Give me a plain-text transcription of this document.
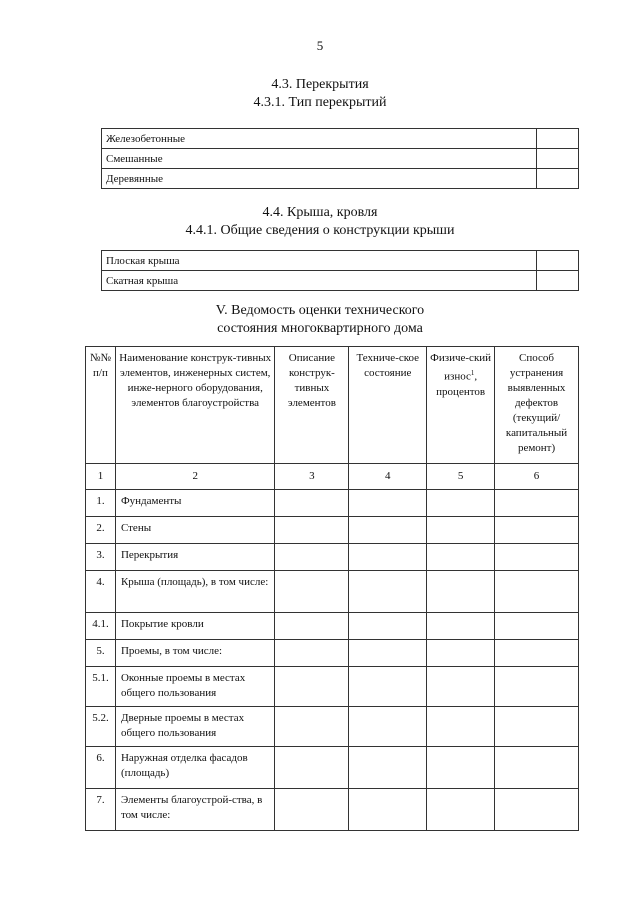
5
4.3. Перекрытия
4.3.1. Тип перекрытий
Железобетонные	
Смешанные	
Деревянные	
4.4. Крыша, кровля
4.4.1. Общие сведения о конструкции крыши
Плоская крыша	
Скатная крыша	
V. Ведомость оценки технического
состояния многоквартирного дома
№№ п/п	Наименование конструк-тивных элементов, инженерных систем, инже-нерного оборудования, элементов благоустройства	Описание конструк-тивных элементов	Техниче-ское состояние	Физиче-ский износ$^1$, процентов	Способ устранения выявленных дефектов (текущий/ капитальный ремонт)
1	2	3	4	5	6
1.	Фундаменты				
2.	Стены				
3.	Перекрытия				
4.	Крыша (площадь), в том числе:				
4.1.	Покрытие кровли				
5.	Проемы, в том числе:				
5.1.	Оконные проемы в местах общего пользования				
5.2.	Дверные проемы в местах общего пользования				
6.	Наружная отделка фасадов (площадь)				
7.	Элементы благоустрой-ства, в том числе:				
